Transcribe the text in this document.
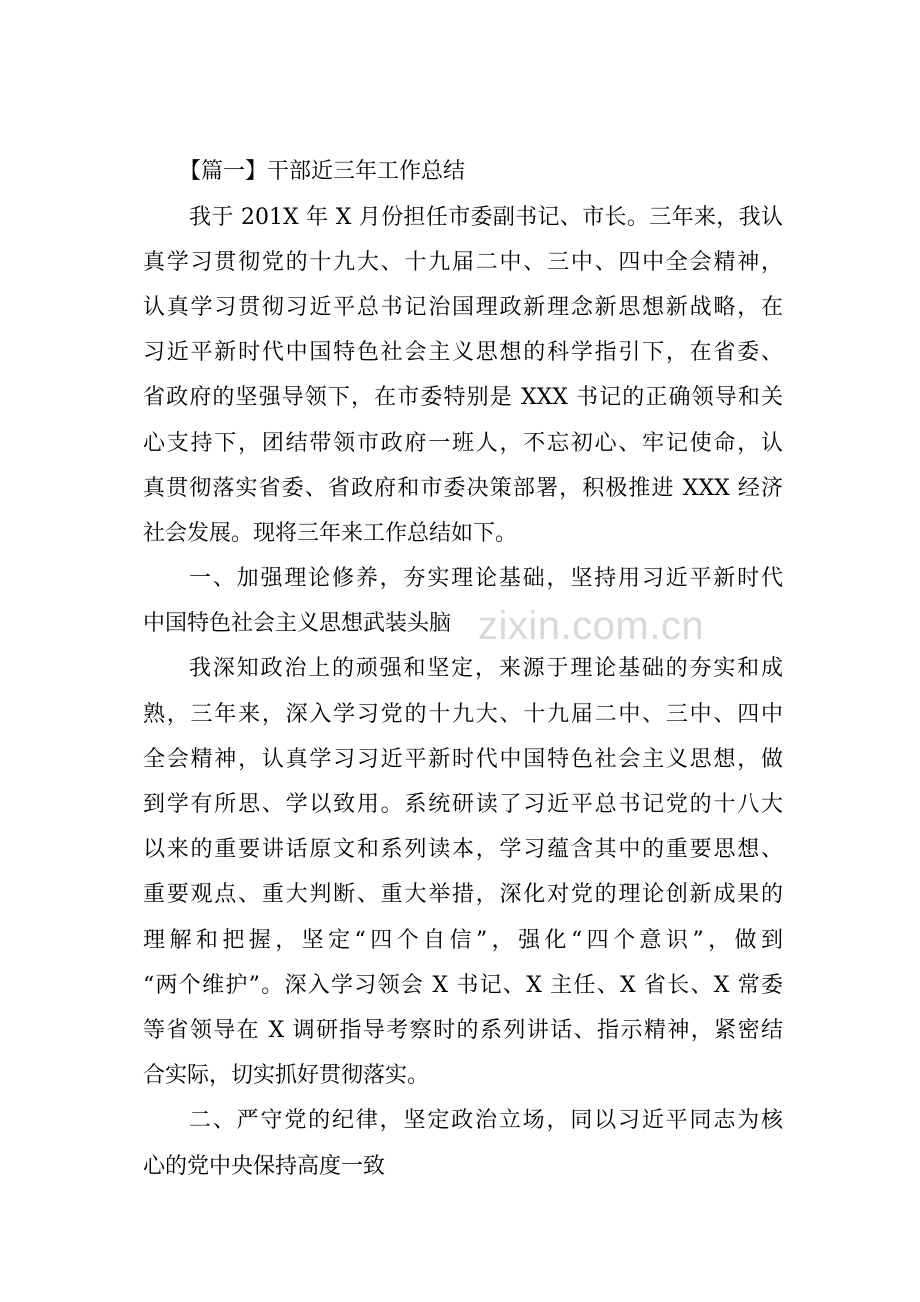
【篇一】干部近三年工作总结
我于 201X 年 X 月份担任市委副书记、市长。三年来，我认
真学习贯彻党的十九大、十九届二中、三中、四中全会精神，
认真学习贯彻习近平总书记治国理政新理念新思想新战略，在
习近平新时代中国特色社会主义思想的科学指引下，在省委、
省政府的坚强导领下，在市委特别是 XXX 书记的正确领导和关
心支持下，团结带领市政府一班人，不忘初心、牢记使命，认
真贯彻落实省委、省政府和市委决策部署，积极推进 XXX 经济
社会发展。现将三年来工作总结如下。
一、加强理论修养，夯实理论基础，坚持用习近平新时代
中国特色社会主义思想武装头脑
我深知政治上的顽强和坚定，来源于理论基础的夯实和成
熟，三年来，深入学习党的十九大、十九届二中、三中、四中
全会精神，认真学习习近平新时代中国特色社会主义思想，做
到学有所思、学以致用。系统研读了习近平总书记党的十八大
以来的重要讲话原文和系列读本，学习蕴含其中的重要思想、
重要观点、重大判断、重大举措，深化对党的理论创新成果的
理解和把握，坚定“四个自信”，强化“四个意识”，做到
“两个维护”。深入学习领会 X 书记、X 主任、X 省长、X 常委
等省领导在 X 调研指导考察时的系列讲话、指示精神，紧密结
合实际，切实抓好贯彻落实。
二、严守党的纪律，坚定政治立场，同以习近平同志为核
心的党中央保持高度一致
zixin.com.cn
